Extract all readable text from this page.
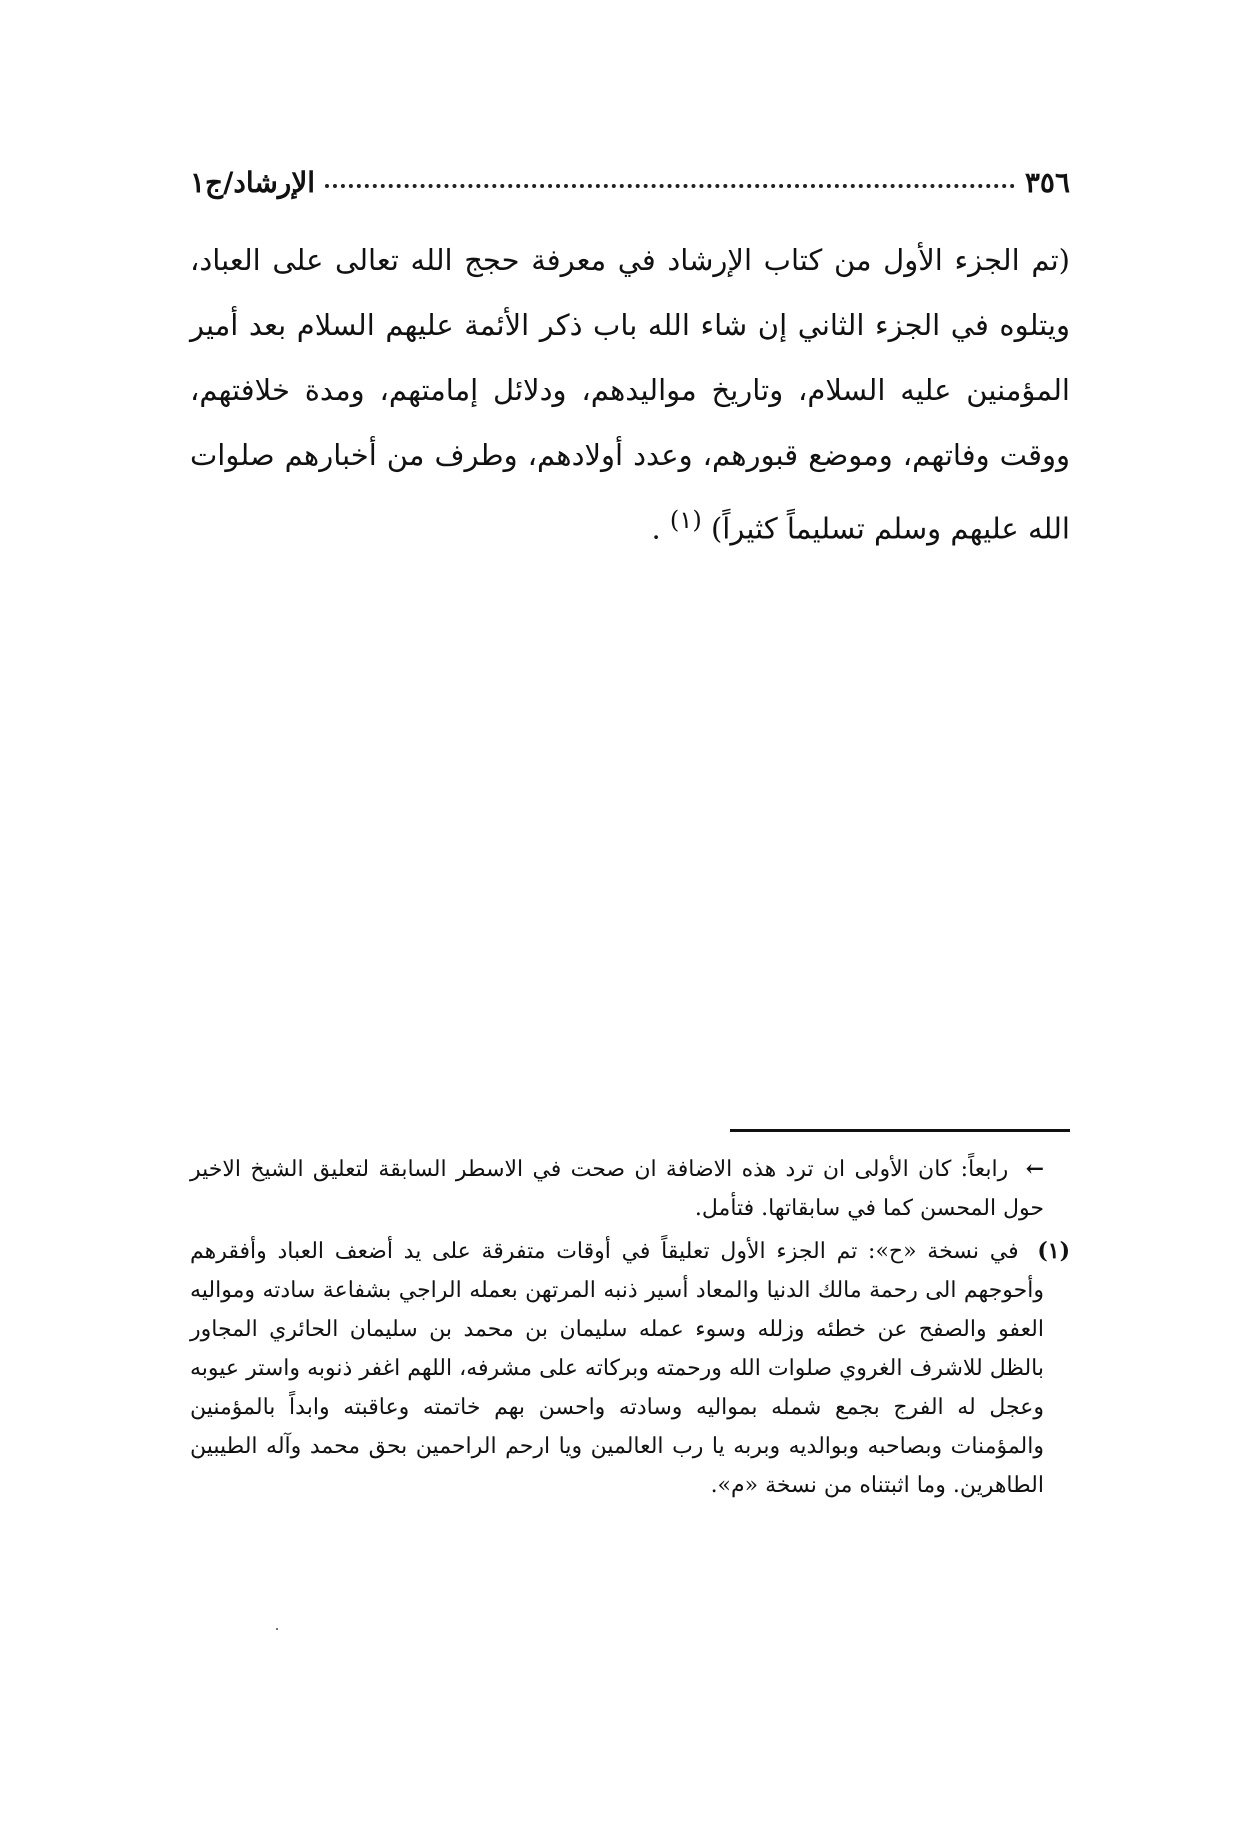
٣٥٦
الإرشاد/ج١

(تم الجزء الأول من كتاب الإرشاد في معرفة حجج الله تعالى على العباد، ويتلوه في الجزء الثاني إن شاء الله باب ذكر الأئمة عليهم السلام بعد أمير المؤمنين عليه السلام، وتاريخ مواليدهم، ودلائل إمامتهم، ومدة خلافتهم، ووقت وفاتهم، وموضع قبورهم، وعدد أولادهم، وطرف من أخبارهم صلوات الله عليهم وسلم تسليماً كثيراً) $^{(١)}$ .

← رابعاً: كان الأولى ان ترد هذه الاضافة ان صحت في الاسطر السابقة لتعليق الشيخ الاخير حول المحسن كما في سابقاتها. فتأمل.

(١) في نسخة «ح»: تم الجزء الأول تعليقاً في أوقات متفرقة على يد أضعف العباد وأفقرهم وأحوجهم الى رحمة مالك الدنيا والمعاد أسير ذنبه المرتهن بعمله الراجي بشفاعة سادته ومواليه العفو والصفح عن خطئه وزلله وسوء عمله سليمان بن محمد بن سليمان الحائري المجاور بالظل للاشرف الغروي صلوات الله ورحمته وبركاته على مشرفه، اللهم اغفر ذنوبه واستر عيوبه وعجل له الفرج بجمع شمله بمواليه وسادته واحسن بهم خاتمته وعاقبته وابداً بالمؤمنين والمؤمنات وبصاحبه وبوالديه وبربه يا رب العالمين ويا ارحم الراحمين بحق محمد وآله الطيبين الطاهرين. وما اثبتناه من نسخة «م».
